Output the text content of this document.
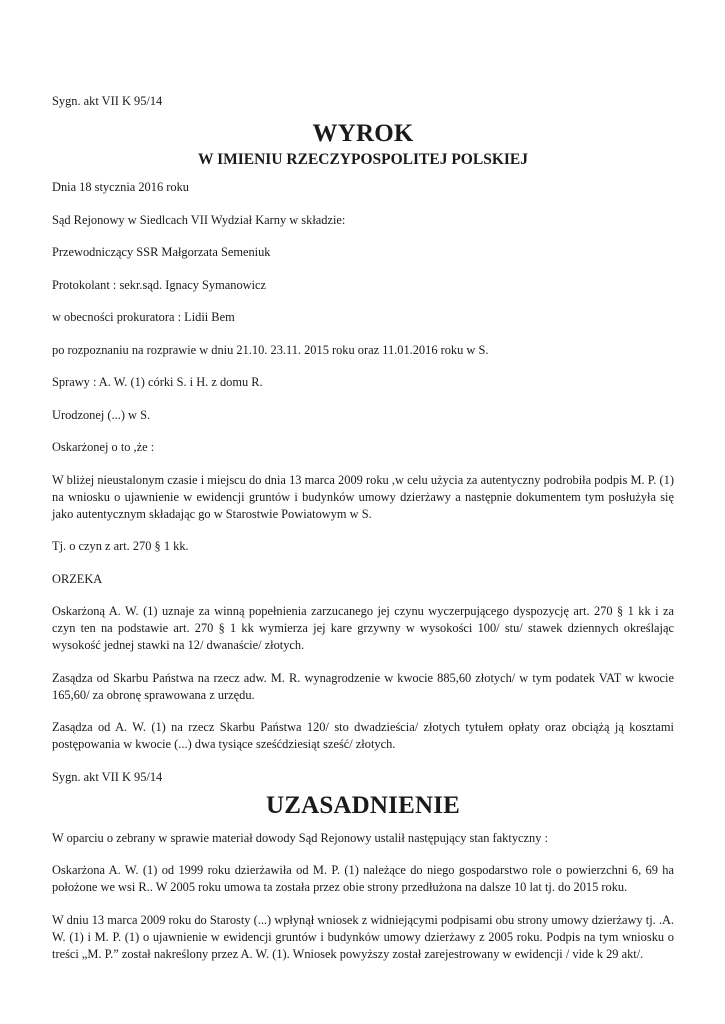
Sygn. akt VII K 95/14

WYROK
W IMIENIU RZECZYPOSPOLITEJ POLSKIEJ

Dnia 18 stycznia 2016 roku

Sąd Rejonowy w Siedlcach VII Wydział Karny w składzie:

Przewodniczący SSR Małgorzata Semeniuk

Protokolant : sekr.sąd. Ignacy Symanowicz

w obecności prokuratora : Lidii Bem

po rozpoznaniu na rozprawie w dniu 21.10. 23.11. 2015 roku oraz 11.01.2016 roku w S.

Sprawy : A. W. (1) córki S. i H. z domu R.

Urodzonej (...) w S.

Oskarżonej o to ,że :

W bliżej nieustalonym czasie i miejscu do dnia 13 marca 2009 roku ,w celu użycia za autentyczny podrobiła podpis M. P. (1) na wniosku o ujawnienie w ewidencji gruntów i budynków umowy dzierżawy a następnie dokumentem tym posłużyła się jako autentycznym składając go w Starostwie Powiatowym w S.

Tj. o czyn z art. 270 § 1 kk.

ORZEKA

Oskarżoną A. W. (1) uznaje za winną popełnienia zarzucanego jej czynu wyczerpującego dyspozycję art. 270 § 1 kk i za czyn ten na podstawie art. 270 § 1 kk wymierza jej kare grzywny w wysokości 100/ stu/ stawek dziennych określając wysokość jednej stawki na 12/ dwanaście/ złotych.

Zasądza od Skarbu Państwa na rzecz adw. M. R. wynagrodzenie w kwocie 885,60 złotych/ w tym podatek VAT w kwocie 165,60/ za obronę sprawowana z urzędu.

Zasądza od A. W. (1) na rzecz Skarbu Państwa 120/ sto dwadzieścia/ złotych tytułem opłaty oraz obciążą ją kosztami postępowania w kwocie (...) dwa tysiące sześćdziesiąt sześć/ złotych.

Sygn. akt VII K 95/14

UZASADNIENIE

W oparciu o zebrany w sprawie materiał dowody Sąd Rejonowy ustalił następujący stan faktyczny :

Oskarżona A. W. (1) od 1999 roku dzierżawiła od M. P. (1) należące do niego gospodarstwo role o powierzchni 6, 69 ha położone we wsi R.. W 2005 roku umowa ta została przez obie strony przedłużona na dalsze 10 lat tj. do 2015 roku.

W dniu 13 marca 2009 roku do Starosty (...) wpłynął wniosek z widniejącymi podpisami obu strony umowy dzierżawy tj. .A. W. (1) i M. P. (1) o ujawnienie w ewidencji gruntów i budynków umowy dzierżawy z 2005 roku. Podpis na tym wniosku o treści „M. P.” został nakreślony przez A. W. (1). Wniosek powyższy został zarejestrowany w ewidencji / vide k 29 akt/.
